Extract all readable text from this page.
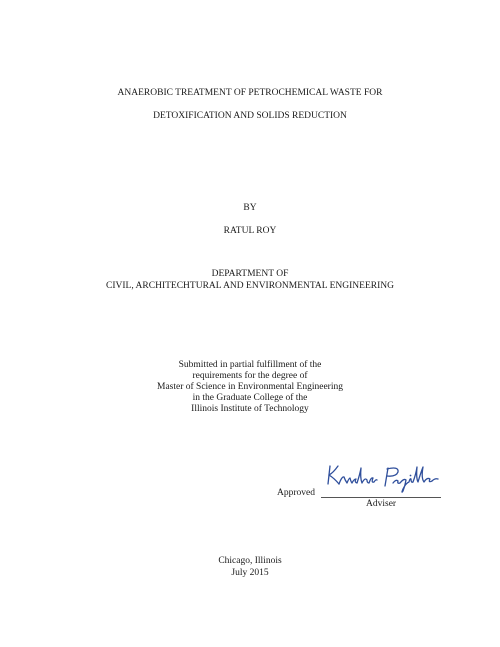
ANAEROBIC TREATMENT OF PETROCHEMICAL WASTE FOR
DETOXIFICATION AND SOLIDS REDUCTION
BY
RATUL ROY
DEPARTMENT OF
CIVIL, ARCHITECHTURAL AND ENVIRONMENTAL ENGINEERING
Submitted in partial fulfillment of the
requirements for the degree of
Master of Science in Environmental Engineering
in the Graduate College of the
Illinois Institute of Technology
Approved
Adviser
Chicago, Illinois
July 2015
